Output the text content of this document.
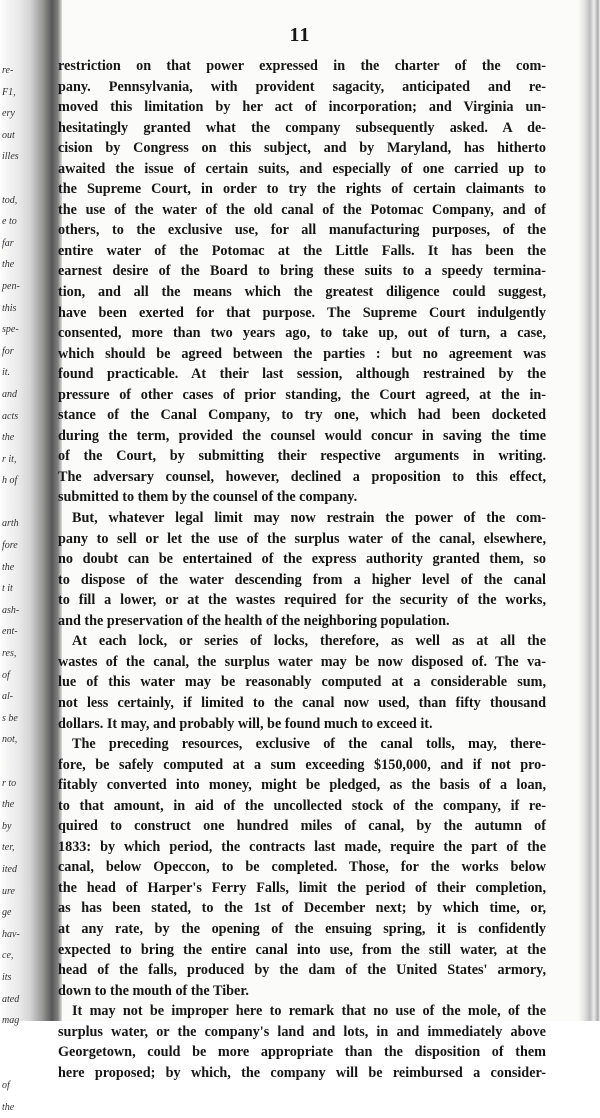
re-
F1,
ery
out
illes
tod,
e to
far
the
pen-
this
spe-
for
it.
and
acts
the
r it,
h of
arth
fore
the
t it
ash-
ent-
res,
of
al-
s be
not,
r to
the
by
ter,
ited
ure
ge
hav-
ce,
its
ated
mag
of
the
11
restriction on that power expressed in the charter of the com-
pany. Pennsylvania, with provident sagacity, anticipated and re-
moved this limitation by her act of incorporation; and Virginia un-
hesitatingly granted what the company subsequently asked. A de-
cision by Congress on this subject, and by Maryland, has hitherto
awaited the issue of certain suits, and especially of one carried up to
the Supreme Court, in order to try the rights of certain claimants to
the use of the water of the old canal of the Potomac Company, and of
others, to the exclusive use, for all manufacturing purposes, of the
entire water of the Potomac at the Little Falls. It has been the
earnest desire of the Board to bring these suits to a speedy termina-
tion, and all the means which the greatest diligence could suggest,
have been exerted for that purpose. The Supreme Court indulgently
consented, more than two years ago, to take up, out of turn, a case,
which should be agreed between the parties : but no agreement was
found practicable. At their last session, although restrained by the
pressure of other cases of prior standing, the Court agreed, at the in-
stance of the Canal Company, to try one, which had been docketed
during the term, provided the counsel would concur in saving the time
of the Court, by submitting their respective arguments in writing.
The adversary counsel, however, declined a proposition to this effect,
submitted to them by the counsel of the company.
But, whatever legal limit may now restrain the power of the com-
pany to sell or let the use of the surplus water of the canal, elsewhere,
no doubt can be entertained of the express authority granted them, so
to dispose of the water descending from a higher level of the canal
to fill a lower, or at the wastes required for the security of the works,
and the preservation of the health of the neighboring population.
At each lock, or series of locks, therefore, as well as at all the
wastes of the canal, the surplus water may be now disposed of. The va-
lue of this water may be reasonably computed at a considerable sum,
not less certainly, if limited to the canal now used, than fifty thousand
dollars. It may, and probably will, be found much to exceed it.
The preceding resources, exclusive of the canal tolls, may, there-
fore, be safely computed at a sum exceeding $150,000, and if not pro-
fitably converted into money, might be pledged, as the basis of a loan,
to that amount, in aid of the uncollected stock of the company, if re-
quired to construct one hundred miles of canal, by the autumn of
1833: by which period, the contracts last made, require the part of the
canal, below Opeccon, to be completed. Those, for the works below
the head of Harper's Ferry Falls, limit the period of their completion,
as has been stated, to the 1st of December next; by which time, or,
at any rate, by the opening of the ensuing spring, it is confidently
expected to bring the entire canal into use, from the still water, at the
head of the falls, produced by the dam of the United States' armory,
down to the mouth of the Tiber.
It may not be improper here to remark that no use of the mole, of the
surplus water, or the company's land and lots, in and immediately above
Georgetown, could be more appropriate than the disposition of them
here proposed; by which, the company will be reimbursed a consider-
